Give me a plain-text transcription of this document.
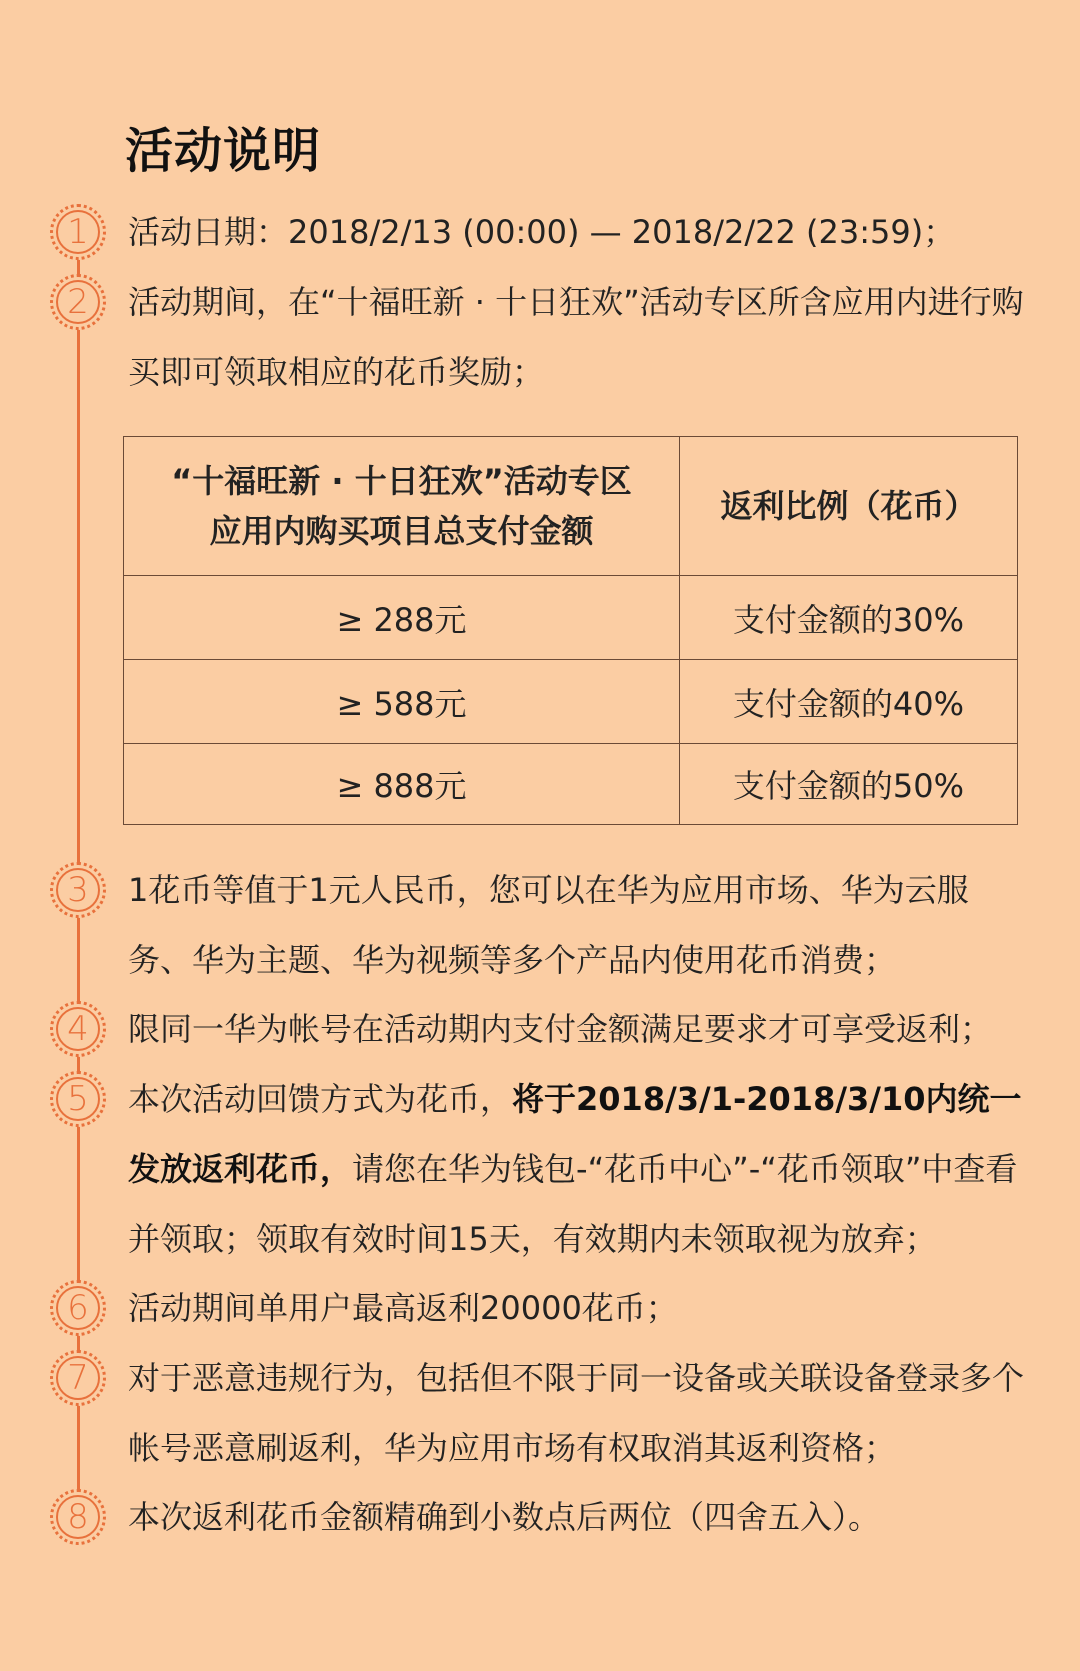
活动说明
1
2
3
4
5
6
7
8
活动日期：2018/2/13 (00:00) — 2018/2/22 (23:59)；
活动期间，在“十福旺新 · 十日狂欢”活动专区所含应用内进行购买即可领取相应的花币奖励；
“十福旺新 · 十日狂欢”活动专区
应用内购买项目总支付金额	返利比例（花币）
≥ 288元	支付金额的30%
≥ 588元	支付金额的40%
≥ 888元	支付金额的50%
1花币等值于1元人民币，您可以在华为应用市场、华为云服务、华为主题、华为视频等多个产品内使用花币消费；
限同一华为帐号在活动期内支付金额满足要求才可享受返利；
本次活动回馈方式为花币，将于2018/3/1-2018/3/10内统一发放返利花币，请您在华为钱包-“花币中心”-“花币领取”中查看并领取；领取有效时间15天，有效期内未领取视为放弃；
活动期间单用户最高返利20000花币；
对于恶意违规行为，包括但不限于同一设备或关联设备登录多个帐号恶意刷返利，华为应用市场有权取消其返利资格；
本次返利花币金额精确到小数点后两位（四舍五入）。
